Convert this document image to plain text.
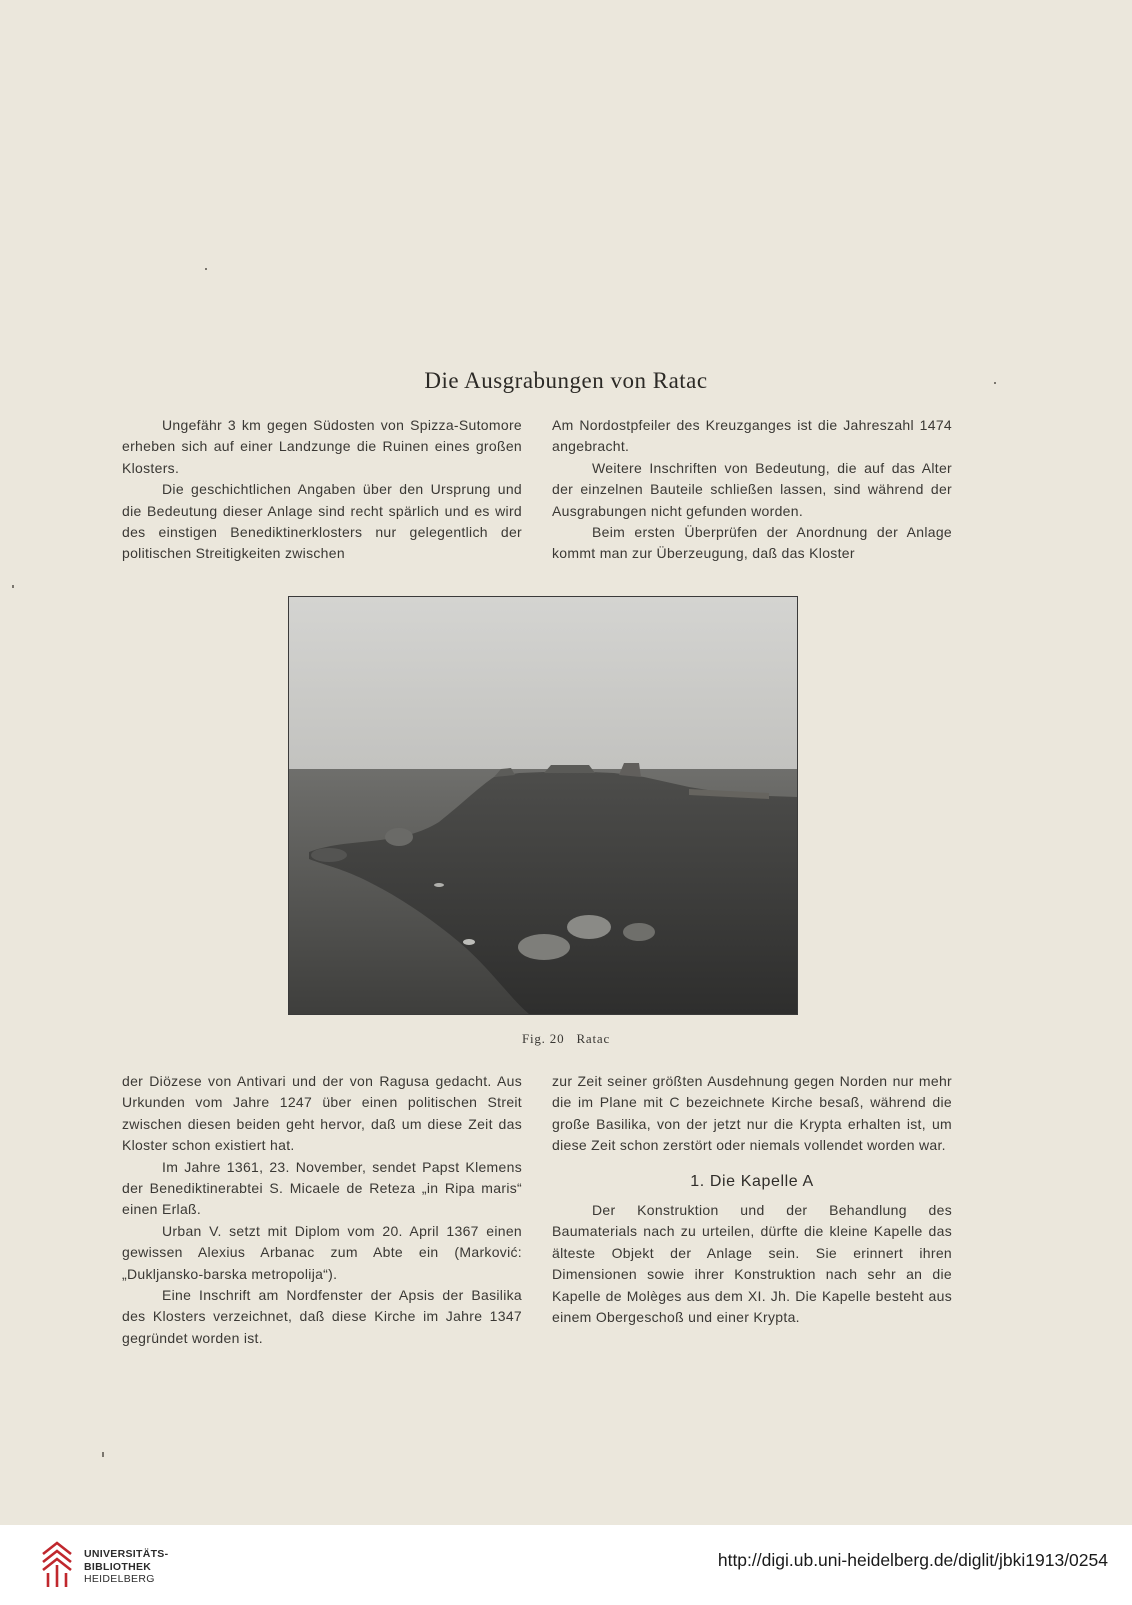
Die Ausgrabungen von Ratac

Ungefähr 3 km gegen Südosten von Spizza-Sutomore erheben sich auf einer Landzunge die Ruinen eines großen Klosters.

Die geschichtlichen Angaben über den Ursprung und die Bedeutung dieser Anlage sind recht spärlich und es wird des einstigen Benediktinerklosters nur gelegentlich der politischen Streitigkeiten zwischen

Am Nordostpfeiler des Kreuzganges ist die Jahreszahl 1474 angebracht.

Weitere Inschriften von Bedeutung, die auf das Alter der einzelnen Bauteile schließen lassen, sind während der Ausgrabungen nicht gefunden worden.

Beim ersten Überprüfen der Anordnung der Anlage kommt man zur Überzeugung, daß das Kloster

Fig. 20 Ratac

der Diözese von Antivari und der von Ragusa gedacht. Aus Urkunden vom Jahre 1247 über einen politischen Streit zwischen diesen beiden geht hervor, daß um diese Zeit das Kloster schon existiert hat.

Im Jahre 1361, 23. November, sendet Papst Klemens der Benediktinerabtei S. Micaele de Reteza „in Ripa maris“ einen Erlaß.

Urban V. setzt mit Diplom vom 20. April 1367 einen gewissen Alexius Arbanac zum Abte ein (Marković: „Dukljansko-barska metropolija“).

Eine Inschrift am Nordfenster der Apsis der Basilika des Klosters verzeichnet, daß diese Kirche im Jahre 1347 gegründet worden ist.

zur Zeit seiner größten Ausdehnung gegen Norden nur mehr die im Plane mit C bezeichnete Kirche besaß, während die große Basilika, von der jetzt nur die Krypta erhalten ist, um diese Zeit schon zerstört oder niemals vollendet worden war.

1. Die Kapelle A

Der Konstruktion und der Behandlung des Baumaterials nach zu urteilen, dürfte die kleine Kapelle das älteste Objekt der Anlage sein. Sie erinnert ihren Dimensionen sowie ihrer Konstruktion nach sehr an die Kapelle de Molèges aus dem XI. Jh. Die Kapelle besteht aus einem Obergeschoß und einer Krypta.

UNIVERSITÄTS-
BIBLIOTHEK
HEIDELBERG
http://digi.ub.uni-heidelberg.de/diglit/jbki1913/0254
